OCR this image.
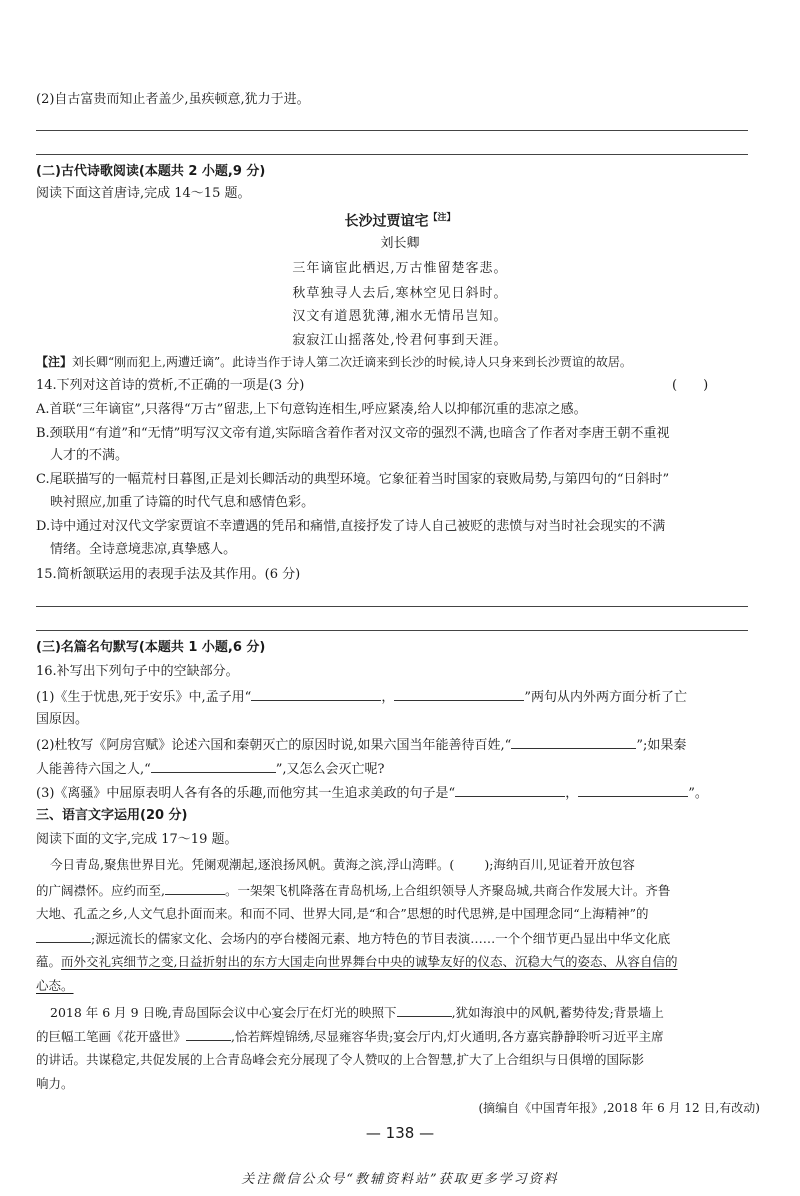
(2)自古富贵而知止者盖少,虽疾顿意,犹力于进。
(二)古代诗歌阅读(本题共 2 小题,9 分)
阅读下面这首唐诗,完成 14～15 题。
长沙过贾谊宅$^{【注】}$
刘长卿
三年谪宦此栖迟,万古惟留楚客悲。
秋草独寻人去后,寒林空见日斜时。
汉文有道恩犹薄,湘水无情吊岂知。
寂寂江山摇落处,怜君何事到天涯。
【注】刘长卿“刚而犯上,两遭迁谪”。此诗当作于诗人第二次迁谪来到长沙的时候,诗人只身来到长沙贾谊的故居。
14.下列对这首诗的赏析,不正确的一项是(3 分)	(　　)
A.首联“三年谪宦”,只落得“万古”留悲,上下句意钩连相生,呼应紧凑,给人以抑郁沉重的悲凉之感。
B.颈联用“有道”和“无情”明写汉文帝有道,实际暗含着作者对汉文帝的强烈不满,也暗含了作者对李唐王朝不重视
人才的不满。
C.尾联描写的一幅荒村日暮图,正是刘长卿活动的典型环境。它象征着当时国家的衰败局势,与第四句的“日斜时”
映衬照应,加重了诗篇的时代气息和感情色彩。
D.诗中通过对汉代文学家贾谊不幸遭遇的凭吊和痛惜,直接抒发了诗人自己被贬的悲愤与对当时社会现实的不满
情绪。全诗意境悲凉,真挚感人。
15.简析颔联运用的表现手法及其作用。(6 分)
(三)名篇名句默写(本题共 1 小题,6 分)
16.补写出下列句子中的空缺部分。
(1)《生于忧患,死于安乐》中,孟子用“	，	”两句从内外两方面分析了亡
国原因。
(2)杜牧写《阿房宫赋》论述六国和秦朝灭亡的原因时说,如果六国当年能善待百姓,“	”;如果秦
人能善待六国之人,“	”,又怎么会灭亡呢?
(3)《离骚》中屈原表明人各有各的乐趣,而他穷其一生追求美政的句子是“	，	”。
三、语言文字运用(20 分)
阅读下面的文字,完成 17～19 题。
今日青岛,聚焦世界目光。凭阑观潮起,逐浪扬风帆。黄海之滨,浮山湾畔。( );海纳百川,见证着开放包容
的广阔襟怀。应约而至,	。一架架飞机降落在青岛机场,上合组织领导人齐聚岛城,共商合作发展大计。齐鲁
大地、孔孟之乡,人文气息扑面而来。和而不同、世界大同,是“和合”思想的时代思辨,是中国理念同“上海精神”的
;源远流长的儒家文化、会场内的亭台楼阁元素、地方特色的节目表演……一个个细节更凸显出中华文化底
蕴。而外交礼宾细节之变,日益折射出的东方大国走向世界舞台中央的诚挚友好的仪态、沉稳大气的姿态、从容自信的
心态。
2018 年 6 月 9 日晚,青岛国际会议中心宴会厅在灯光的映照下	,犹如海浪中的风帆,蓄势待发;背景墙上
的巨幅工笔画《花开盛世》	,恰若辉煌锦绣,尽显雍容华贵;宴会厅内,灯火通明,各方嘉宾静静聆听习近平主席
的讲话。共谋稳定,共促发展的上合青岛峰会充分展现了令人赞叹的上合智慧,扩大了上合组织与日俱增的国际影
响力。
(摘编自《中国青年报》,2018 年 6 月 12 日,有改动)
— 138 —
关注微信公众号“教辅资料站”获取更多学习资料
